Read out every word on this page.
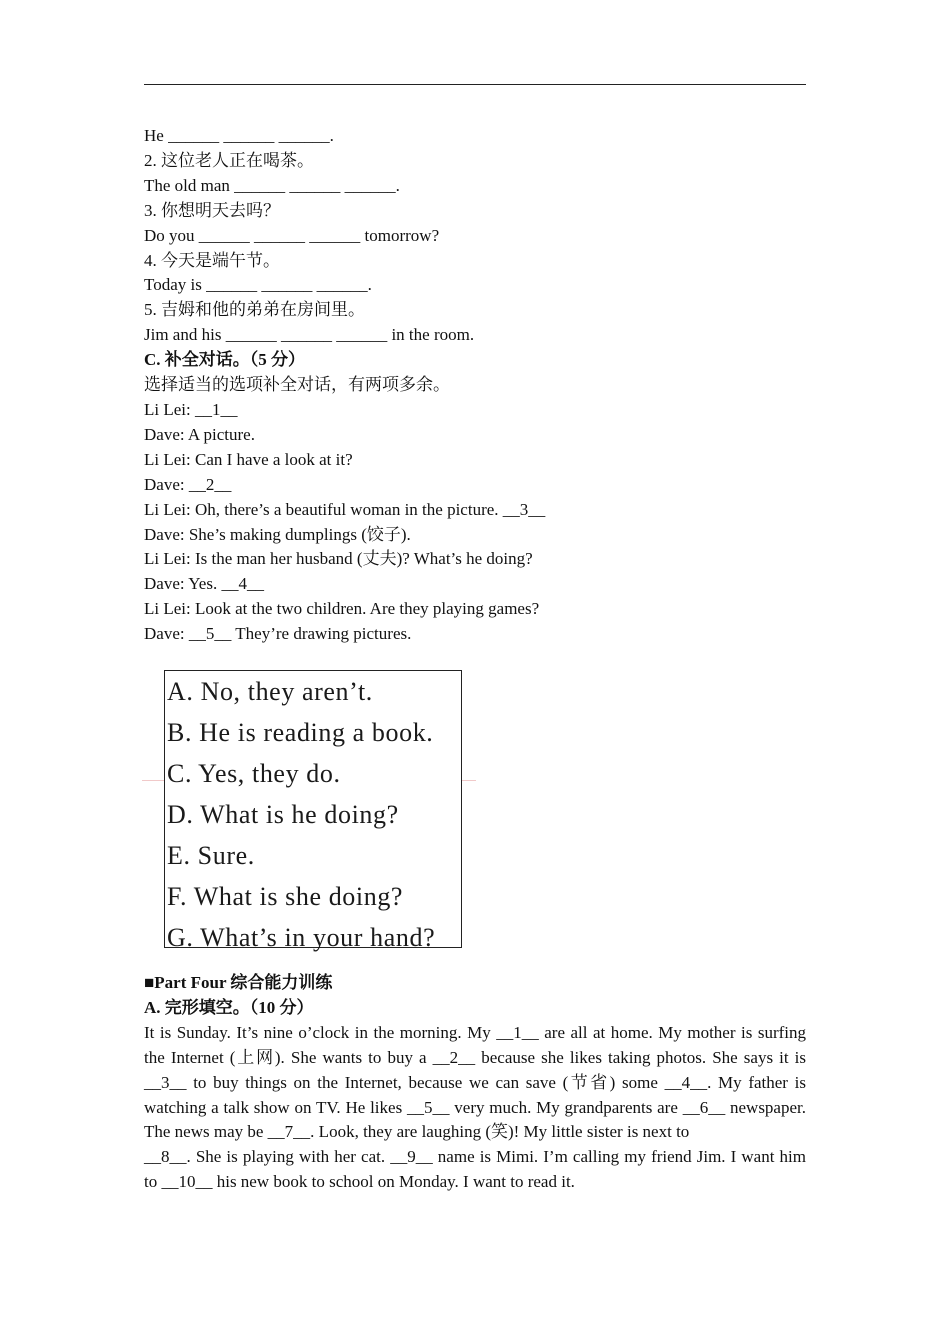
He ______ ______ ______.
2. 这位老人正在喝茶。
The old man ______ ______ ______.
3. 你想明天去吗？
Do you ______ ______ ______ tomorrow?
4. 今天是端午节。
Today is ______ ______ ______.
5. 吉姆和他的弟弟在房间里。
Jim and his ______ ______ ______ in the room.
C. 补全对话。（5 分）
选择适当的选项补全对话，有两项多余。
Li Lei: __1__
Dave: A picture.
Li Lei: Can I have a look at it?
Dave: __2__
Li Lei: Oh, there’s a beautiful woman in the picture. __3__
Dave: She’s making dumplings (饺子).
Li Lei: Is the man her husband (丈夫)? What’s he doing?
Dave: Yes. __4__
Li Lei: Look at the two children. Are they playing games?
Dave: __5__ They’re drawing pictures.
A. No, they aren’t.
B. He is reading a book.
C. Yes, they do.
D. What is he doing?
E. Sure.
F. What is she doing?
G. What’s in your hand?
■Part Four 综合能力训练
A. 完形填空。（10 分）
It is Sunday. It’s nine o’clock in the morning. My __1__ are all at home. My mother is surfing the Internet (上网). She wants to buy a __2__ because she likes taking photos. She says it is __3__ to buy things on the Internet, because we can save (节省) some __4__. My father is watching a talk show on TV. He likes __5__ very much. My grandparents are __6__ newspaper. The news may be __7__. Look, they are laughing (笑)! My little sister is next to
__8__. She is playing with her cat. __9__ name is Mimi. I’m calling my friend Jim. I want him to __10__ his new book to school on Monday. I want to read it.
